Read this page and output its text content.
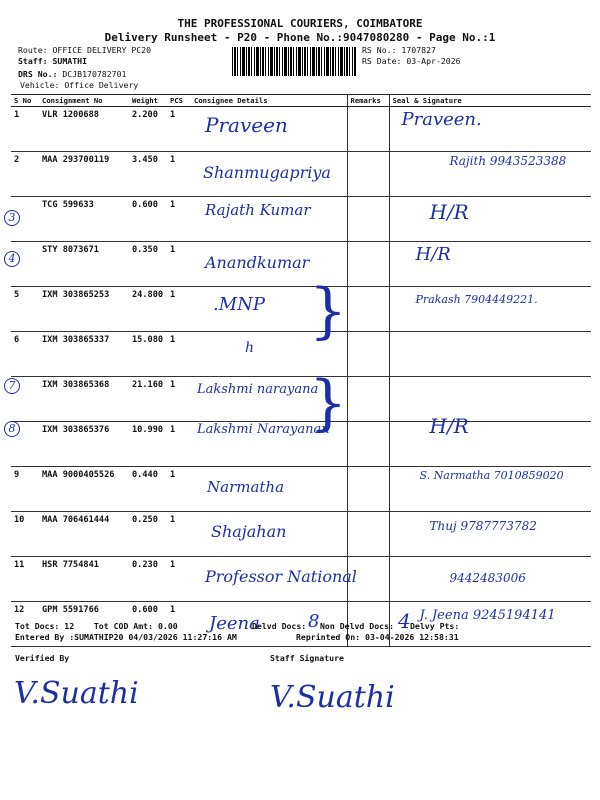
THE PROFESSIONAL COURIERS, COIMBATORE
Delivery Runsheet - P20 - Phone No.:9047080280 - Page No.:1
Route: OFFICE DELIVERY PC20
Staff: SUMATHI
DRS No.: DCJB170782701
Vehicle: Office Delivery
RS No.: 1707827
RS Date: 03-Apr-2026
S No	Consignment No	Weight	PCS	Consignee Details	Remarks	Seal & Signature
1	VLR 1200688	2.200	1	Praveen		Praveen.

2	MAA 293700119	3.450	1	Shanmugapriya		Rajith 9943523388

3	TCG 599633	0.600	1	Rajath Kumar		H/R

4	STY 8073671	0.350	1	Anandkumar		H/R

5	IXM 303865253	24.800	1	.MNP }		Prakash 7904449221.

6	IXM 303865337	15.080	1	h		

7	IXM 303865368	21.160	1	Lakshmi narayana
}		

8	IXM 303865376	10.990	1	Lakshmi Narayanan		H/R

9	MAA 9000405526	0.440	1	Narmatha		S. Narmatha 7010859020

10	MAA 706461444	0.250	1	Shajahan		Thuj 9787773782

11	HSR 7754841	0.230	1	Professor National		9442483006

12	GPM 5591766	0.600	1	Jeena		J. Jeena 9245194141
Tot Docs: 12 Tot COD Amt: 0.00	Delvd Docs: 8 Non Delvd Docs: 4 Delvy Pts:
Entered By :SUMATHIP20 04/03/2026 11:27:16 AM	Reprinted On: 03-04-2026 12:58:31
Verified By	Staff Signature
V.Suathi	V.Suathi
